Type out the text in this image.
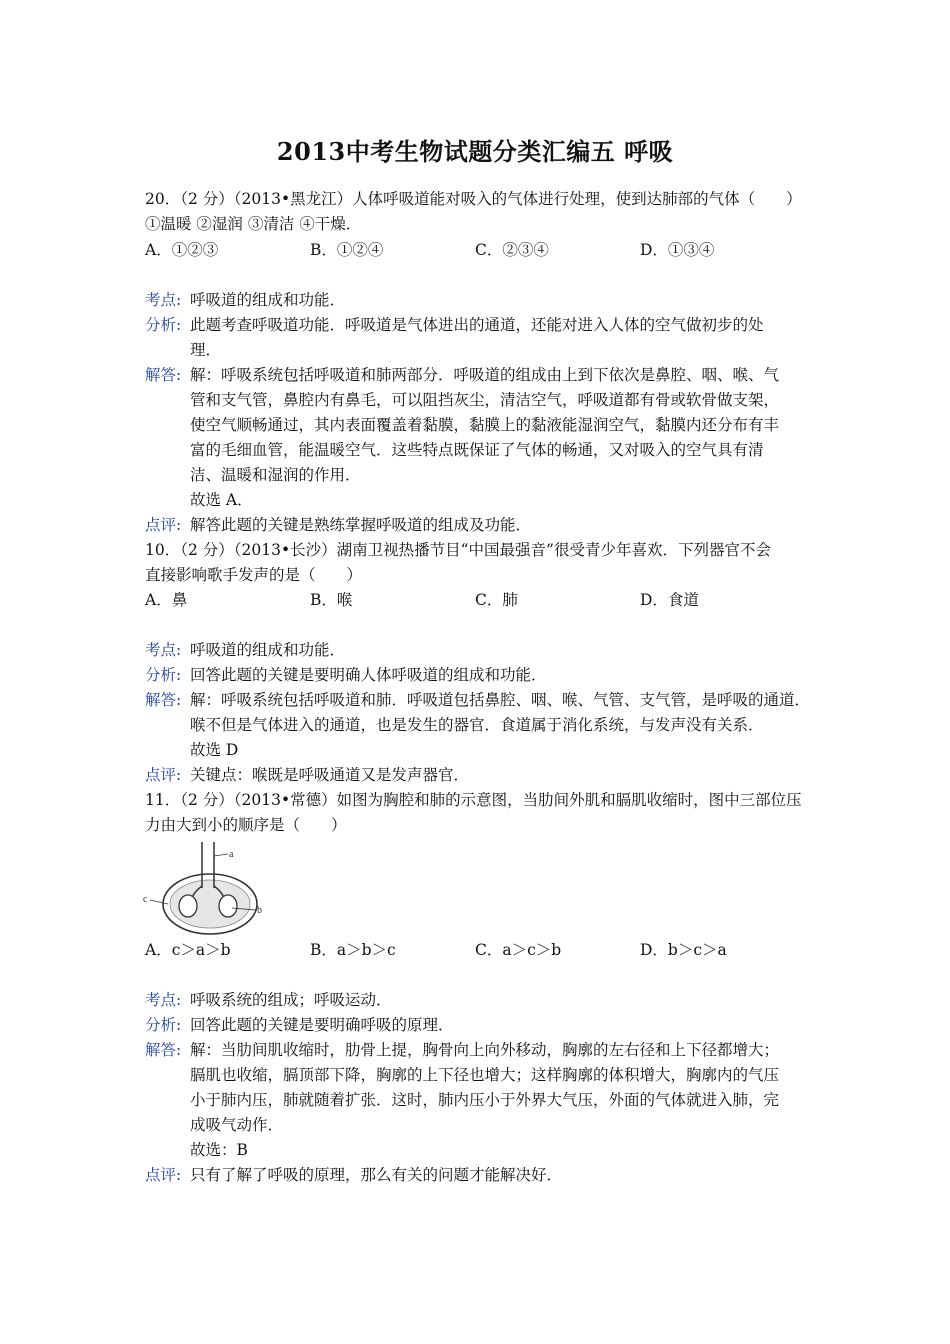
2013中考生物试题分类汇编五 呼吸
20．（2 分）（2013•黑龙江）人体呼吸道能对吸入的气体进行处理，使到达肺部的气体（　　）
①温暖 ②湿润 ③清洁 ④干燥．
A．①②③	B．①②④	C．②③④	D．①③④
考点: 呼吸道的组成和功能．
分析: 此题考查呼吸道功能．呼吸道是气体进出的通道，还能对进入人体的空气做初步的处
理．
解答: 解：呼吸系统包括呼吸道和肺两部分．呼吸道的组成由上到下依次是鼻腔、咽、喉、气
管和支气管，鼻腔内有鼻毛，可以阻挡灰尘，清洁空气，呼吸道都有骨或软骨做支架，
使空气顺畅通过，其内表面覆盖着黏膜，黏膜上的黏液能湿润空气，黏膜内还分布有丰
富的毛细血管，能温暖空气．这些特点既保证了气体的畅通，又对吸入的空气具有清
洁、温暖和湿润的作用．
故选 A．
点评: 解答此题的关键是熟练掌握呼吸道的组成及功能．
10．（2 分）（2013•长沙）湖南卫视热播节目“中国最强音”很受青少年喜欢．下列器官不会
直接影响歌手发声的是（　　）
A．鼻	B．喉	C．肺	D．食道
考点: 呼吸道的组成和功能．
分析: 回答此题的关键是要明确人体呼吸道的组成和功能．
解答: 解：呼吸系统包括呼吸道和肺．呼吸道包括鼻腔、咽、喉、气管、支气管，是呼吸的通道．
喉不但是气体进入的通道，也是发生的器官．食道属于消化系统，与发声没有关系．
故选 D
点评: 关键点：喉既是呼吸通道又是发声器官．
11．（2 分）（2013•常德）如图为胸腔和肺的示意图，当肋间外肌和膈肌收缩时，图中三部位压
力由大到小的顺序是（　　）
a
b
c
A．c＞a＞b	B．a＞b＞c	C．a＞c＞b	D．b＞c＞a
考点: 呼吸系统的组成；呼吸运动．
分析: 回答此题的关键是要明确呼吸的原理．
解答: 解：当肋间肌收缩时，肋骨上提，胸骨向上向外移动，胸廓的左右径和上下径都增大；
膈肌也收缩，膈顶部下降，胸廓的上下径也增大；这样胸廓的体积增大，胸廓内的气压
小于肺内压，肺就随着扩张．这时，肺内压小于外界大气压，外面的气体就进入肺，完
成吸气动作．
故选：B
点评: 只有了解了呼吸的原理，那么有关的问题才能解决好．
